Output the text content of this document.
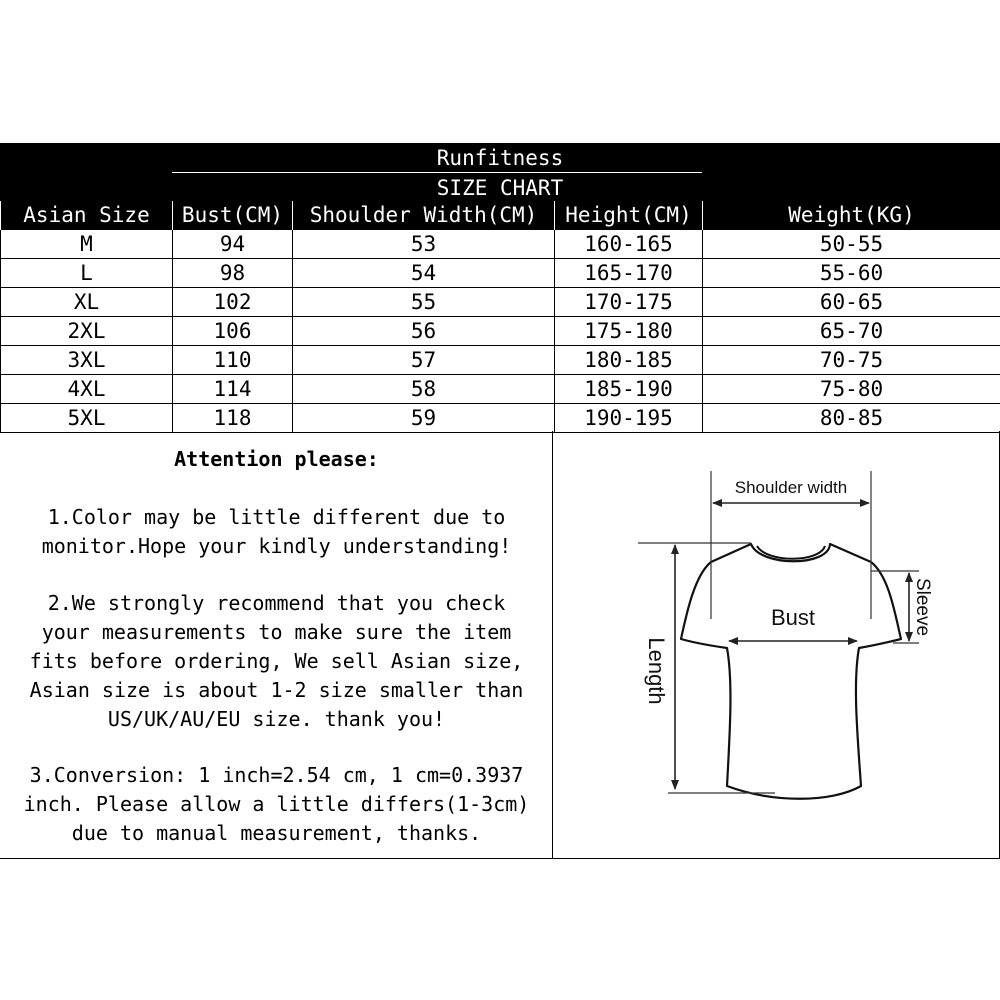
Runfitness
SIZE CHART
Asian Size	Bust(CM)	Shoulder Width(CM)	Height(CM)	Weight(KG)
M	94	53	160-165	50-55
L	98	54	165-170	55-60
XL	102	55	170-175	60-65
2XL	106	56	175-180	65-70
3XL	110	57	180-185	70-75
4XL	114	58	185-190	75-80
5XL	118	59	190-195	80-85
Attention please:
1.Color may be little different due to
monitor.Hope your kindly understanding!
2.We strongly recommend that you check
your measurements to make sure the item
fits before ordering, We sell Asian size,
Asian size is about 1-2 size smaller than
US/UK/AU/EU size. thank you!
3.Conversion: 1 inch=2.54 cm, 1 cm=0.3937
inch. Please allow a little differs(1-3cm)
due to manual measurement, thanks.
Shoulder width
Bust
Length
Sleeve
